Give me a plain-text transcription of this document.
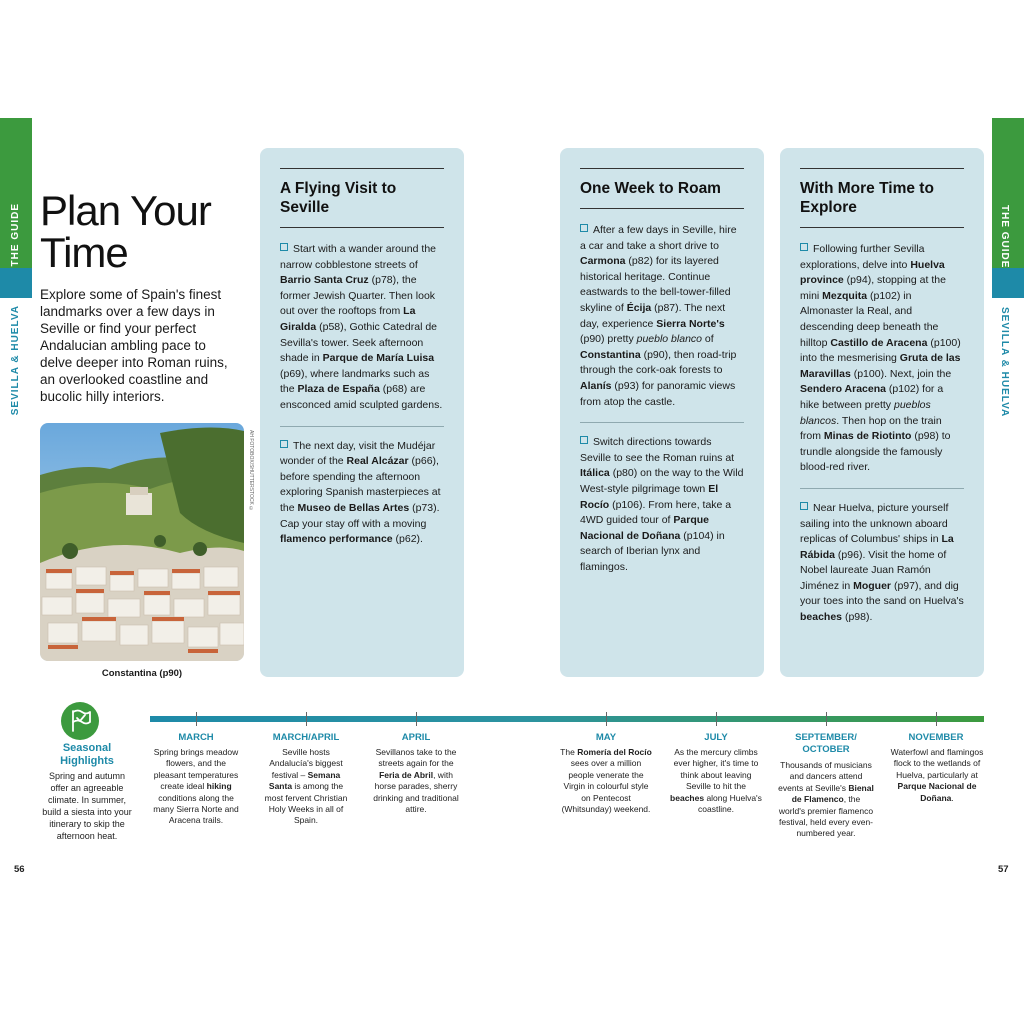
THE GUIDE
SEVILLA & HUELVA
THE GUIDE
SEVILLA & HUELVA
Plan Your Time

Explore some of Spain's finest landmarks over a few days in Seville or find your perfect Andalucian ambling pace to delve deeper into Roman ruins, an overlooked coastline and bucolic hilly interiors.

AH FOTOBOX/SHUTTERSTOCK ©
Constantina (p90)
A Flying Visit to Seville

Start with a wander around the narrow cobblestone streets of Barrio Santa Cruz (p78), the former Jewish Quarter. Then look out over the rooftops from La Giralda (p58), Gothic Catedral de Sevilla's tower. Seek afternoon shade in Parque de María Luisa (p69), where landmarks such as the Plaza de España (p68) are ensconced amid sculpted gardens.

The next day, visit the Mudéjar wonder of the Real Alcázar (p66), before spending the afternoon exploring Spanish masterpieces at the Museo de Bellas Artes (p73). Cap your stay off with a moving flamenco performance (p62).

One Week to Roam

After a few days in Seville, hire a car and take a short drive to Carmona (p82) for its layered historical heritage. Continue eastwards to the bell-tower-filled skyline of Écija (p87). The next day, experience Sierra Norte's (p90) pretty pueblo blanco of Constantina (p90), then road-trip through the cork-oak forests to Alanís (p93) for panoramic views from atop the castle.

Switch directions towards Seville to see the Roman ruins at Itálica (p80) on the way to the Wild West-style pilgrimage town El Rocío (p106). From here, take a 4WD guided tour of Parque Nacional de Doñana (p104) in search of Iberian lynx and flamingos.

With More Time to Explore

Following further Sevilla explorations, delve into Huelva province (p94), stopping at the mini Mezquita (p102) in Almonaster la Real, and descending deep beneath the hilltop Castillo de Aracena (p100) into the mesmerising Gruta de las Maravillas (p100). Next, join the Sendero Aracena (p102) for a hike between pretty pueblos blancos. Then hop on the train from Minas de Riotinto (p98) to trundle alongside the famously blood-red river.

Near Huelva, picture yourself sailing into the unknown aboard replicas of Columbus' ships in La Rábida (p96). Visit the home of Nobel laureate Juan Ramón Jiménez in Moguer (p97), and dig your toes into the sand on Huelva's beaches (p98).

Seasonal Highlights
Spring and autumn offer an agreeable climate. In summer, build a siesta into your itinerary to skip the afternoon heat.
MARCH
Spring brings meadow flowers, and the pleasant temperatures create ideal hiking conditions along the many Sierra Norte and Aracena trails.
MARCH/APRIL
Seville hosts Andalucía's biggest festival – Semana Santa is among the most fervent Christian Holy Weeks in all of Spain.
APRIL
Sevillanos take to the streets again for the Feria de Abril, with horse parades, sherry drinking and traditional attire.
MAY
The Romería del Rocío sees over a million people venerate the Virgin in colourful style on Pentecost (Whitsunday) weekend.
JULY
As the mercury climbs ever higher, it's time to think about leaving Seville to hit the beaches along Huelva's coastline.
SEPTEMBER/ OCTOBER
Thousands of musicians and dancers attend events at Seville's Bienal de Flamenco, the world's premier flamenco festival, held every even-numbered year.
NOVEMBER
Waterfowl and flamingos flock to the wetlands of Huelva, particularly at Parque Nacional de Doñana.
56	57
